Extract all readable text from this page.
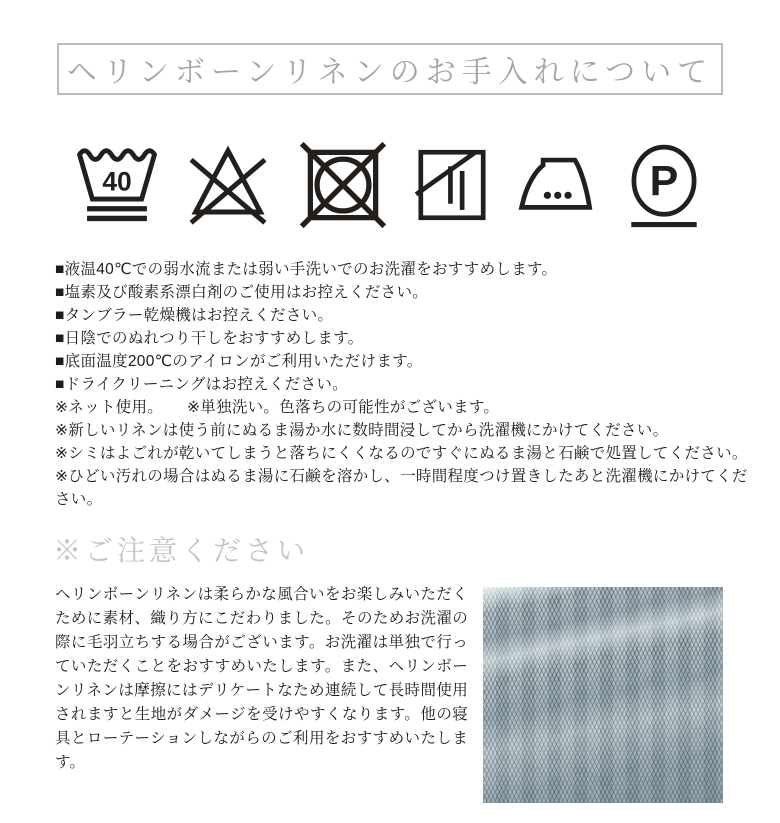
ヘリンボーンリネンのお手入れについて
40	P

■液温40℃での弱水流または弱い手洗いでのお洗濯をおすすめします。

■塩素及び酸素系漂白剤のご使用はお控えください。

■タンブラー乾燥機はお控えください。

■日陰でのぬれつり干しをおすすめします。

■底面温度200℃のアイロンがご利用いただけます。

■ドライクリーニングはお控えください。

※ネット使用。　　※単独洗い。色落ちの可能性がございます。

※新しいリネンは使う前にぬるま湯か水に数時間浸してから洗濯機にかけてください。

※シミはよごれが乾いてしまうと落ちにくくなるのですぐにぬるま湯と石鹸で処置してください。

※ひどい汚れの場合はぬるま湯に石鹸を溶かし、一時間程度つけ置きしたあと洗濯機にかけてください。

※ご注意ください

ヘリンボーンリネンは柔らかな風合いをお楽しみいただくために素材、織り方にこだわりました。そのためお洗濯の際に毛羽立ちする場合がございます。お洗濯は単独で行っていただくことをおすすめいたします。また、ヘリンボーンリネンは摩擦にはデリケートなため連続して長時間使用されますと生地がダメージを受けやすくなります。他の寝具とローテーションしながらのご利用をおすすめいたします。
